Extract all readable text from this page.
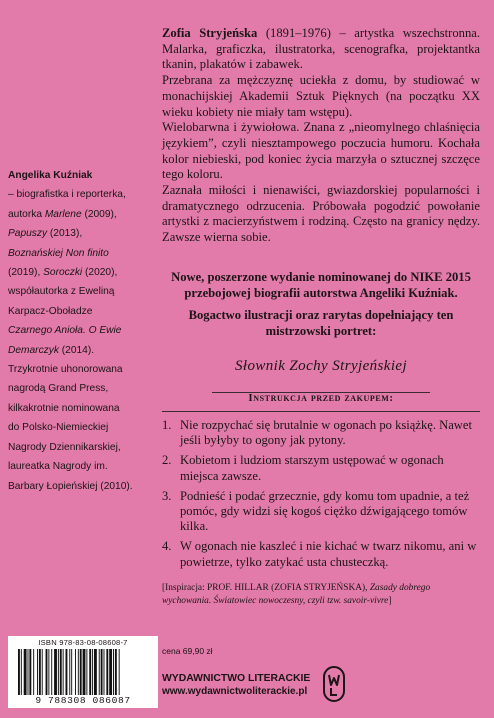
Angelika Kuźniak
– biografistka i reporterka,
autorka Marlene (2009),
Papuszy (2013),
Boznańskiej Non finito
(2019), Soroczki (2020),
współautorka z Eweliną
Karpacz-Oboładze
Czarnego Anioła. O Ewie
Demarczyk (2014).
Trzykrotnie uhonorowana
nagrodą Grand Press,
kilkakrotnie nominowana
do Polsko-Niemieckiej
Nagrody Dziennikarskiej,
laureatka Nagrody im.
Barbary Łopieńskiej (2010).

Zofia Stryjeńska (1891–1976) – artystka wszechstronna. Malarka, graficzka, ilustratorka, scenografka, projektantka tkanin, plakatów i zabawek.

Przebrana za mężczyznę uciekła z domu, by studiować w monachijskiej Akademii Sztuk Pięknych (na początku XX wieku kobiety nie miały tam wstępu).

Wielobarwna i żywiołowa. Znana z „nieomylnego chlaśnięcia językiem”, czyli niesztampowego poczucia humoru. Kochała kolor niebieski, pod koniec życia marzyła o sztucznej szczęce tego koloru.

Zaznała miłości i nienawiści, gwiazdorskiej popularności i dramatycznego odrzucenia. Próbowała pogodzić powołanie artystki z macierzyństwem i rodziną. Często na granicy nędzy. Zawsze wierna sobie.

Nowe, poszerzone wydanie nominowanej do NIKE 2015 przebojowej biografii autorstwa Angeliki Kuźniak.

Bogactwo ilustracji oraz rarytas dopełniający ten mistrzowski portret:

Słownik Zochy Stryjeńskiej
Instrukcja przed zakupem:
1. Nie rozpychać się brutalnie w ogonach po książkę. Nawet jeśli byłyby to ogony jak pytony.
2. Kobietom i ludziom starszym ustępować w ogonach miejsca zawsze.
3. Podnieść i podać grzecznie, gdy komu tom upadnie, a też pomóc, gdy widzi się kogoś ciężko dźwigającego tomów kilka.
4. W ogonach nie kaszleć i nie kichać w twarz nikomu, ani w powietrze, tylko zatykać usta chusteczką.
[Inspiracja: PROF. HILLAR (ZOFIA STRYJEŃSKA), Zasady dobrego wychowania. Światowiec nowoczesny, czyli tzw. savoir-vivre]
ISBN 978-83-08-08608-7
9 788308 086087
cena 69,90 zł
WYDAWNICTWO LITERACKIE
www.wydawnictwoliterackie.pl
